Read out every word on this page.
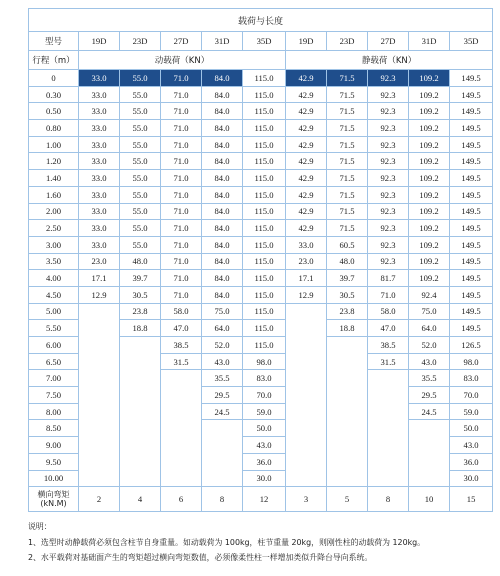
载荷与长度										
型号	19D	23D	27D	31D	35D	19D	23D	27D	31D	35D
行程（m）	动载荷（KN）					静载荷（KN）				
0	33.0	55.0	71.0	84.0	115.0	42.9	71.5	92.3	109.2	149.5
0.30	33.0	55.0	71.0	84.0	115.0	42.9	71.5	92.3	109.2	149.5
0.50	33.0	55.0	71.0	84.0	115.0	42.9	71.5	92.3	109.2	149.5
0.80	33.0	55.0	71.0	84.0	115.0	42.9	71.5	92.3	109.2	149.5
1.00	33.0	55.0	71.0	84.0	115.0	42.9	71.5	92.3	109.2	149.5
1.20	33.0	55.0	71.0	84.0	115.0	42.9	71.5	92.3	109.2	149.5
1.40	33.0	55.0	71.0	84.0	115.0	42.9	71.5	92.3	109.2	149.5
1.60	33.0	55.0	71.0	84.0	115.0	42.9	71.5	92.3	109.2	149.5
2.00	33.0	55.0	71.0	84.0	115.0	42.9	71.5	92.3	109.2	149.5
2.50	33.0	55.0	71.0	84.0	115.0	42.9	71.5	92.3	109.2	149.5
3.00	33.0	55.0	71.0	84.0	115.0	33.0	60.5	92.3	109.2	149.5
3.50	23.0	48.0	71.0	84.0	115.0	23.0	48.0	92.3	109.2	149.5
4.00	17.1	39.7	71.0	84.0	115.0	17.1	39.7	81.7	109.2	149.5
4.50	12.9	30.5	71.0	84.0	115.0	12.9	30.5	71.0	92.4	149.5
5.00		23.8	58.0	75.0	115.0		23.8	58.0	75.0	149.5
5.50		18.8	47.0	64.0	115.0		18.8	47.0	64.0	149.5
6.00			38.5	52.0	115.0			38.5	52.0	126.5
6.50			31.5	43.0	98.0			31.5	43.0	98.0
7.00				35.5	83.0				35.5	83.0
7.50				29.5	70.0				29.5	70.0
8.00				24.5	59.0				24.5	59.0
8.50					50.0					50.0
9.00					43.0					43.0
9.50					36.0					36.0
10.00					30.0					30.0
横向弯矩(kN.M)	2	4	6	8	12	3	5	8	10	15
说明：
1、选型时动静载荷必须包含柱节自身重量。如动载荷为 100kg，柱节重量 20kg，则刚性柱的动载荷为 120kg。
2、水平载荷对基础面产生的弯矩超过横向弯矩数值，必须像柔性柱一样增加类似升降台导向系统。
